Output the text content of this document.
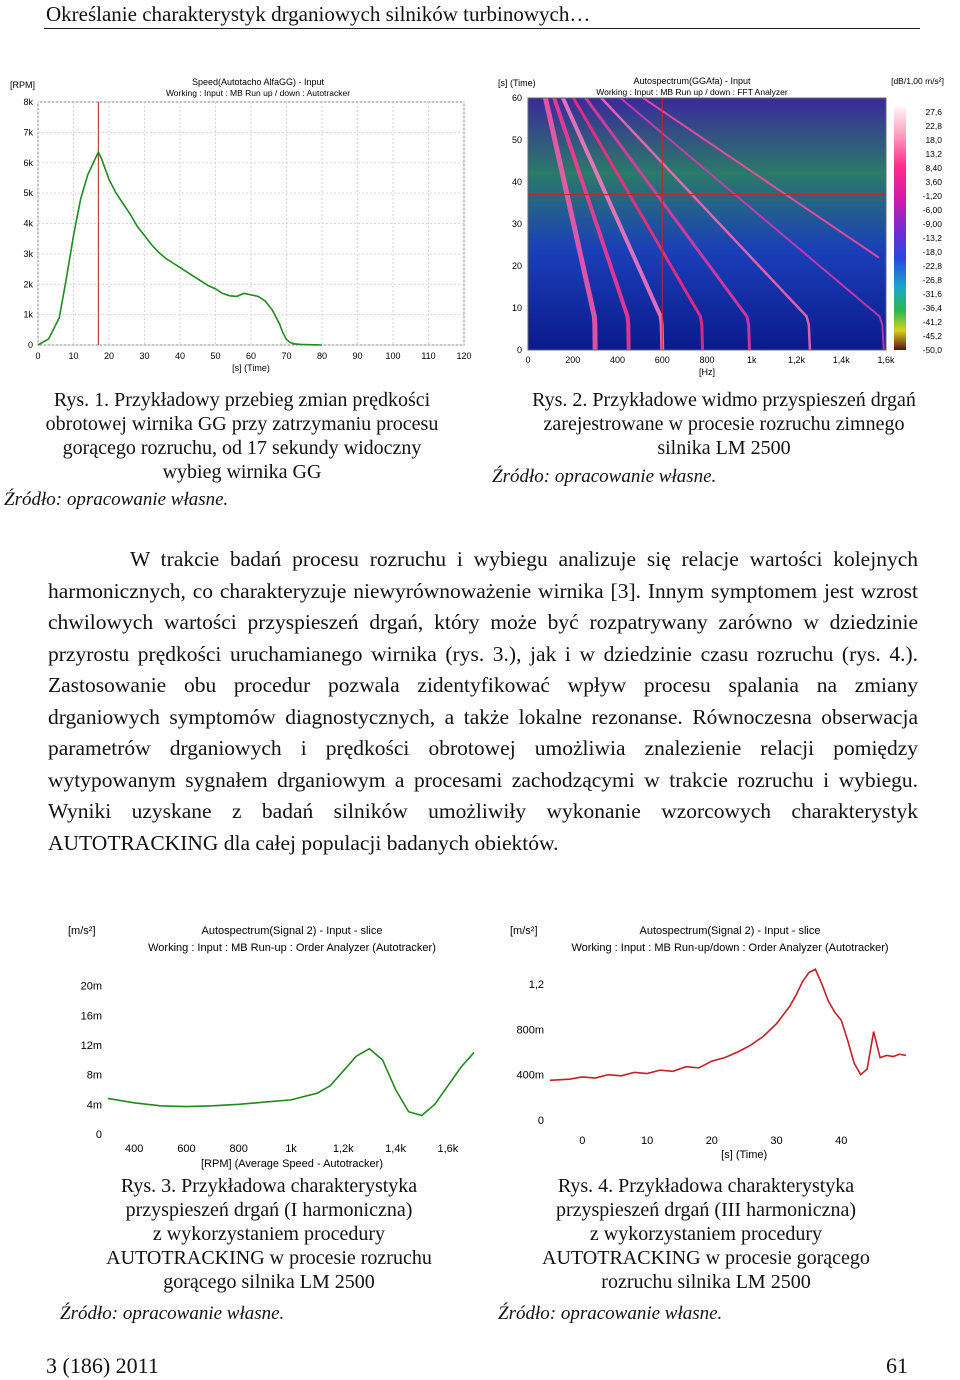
Określanie charakterystyk drganiowych silników turbinowych…
0	10	20	30	40	50	60	70	80	90	100 110 120
0
1k
2k
3k
4k
5k
6k
7k
8k
[RPM]	Speed(Autotacho AlfaGG) - Input
Working : Input : MB Run up / down : Autotracker
[s] (Time)
0	200	400	600	800	1k	1,2k	1,4k	1,6k
0
10
20
30
40
50
60
[s] (Time)
[Hz]
Autospectrum(GGAfa) - Input
Working : Input : MB Run up / down : FFT Analyzer
[dB/1,00 m/s²]
27,6
22,8
18,0
13,2
8,40
3,60
-1,20
-6,00
-9,00
-13,2
-18,0
-22,8
-26,8
-31,6
-36,4
-41,2
-45,2
-50,0
Rys. 1. Przykładowy przebieg zmian prędkości
obrotowej wirnika GG przy zatrzymaniu procesu
gorącego rozruchu, od 17 sekundy widoczny
wybieg wirnika GG
Źródło: opracowanie własne.
Rys. 2. Przykładowe widmo przyspieszeń drgań
zarejestrowane w procesie rozruchu zimnego
silnika LM 2500
Źródło: opracowanie własne.

W trakcie badań procesu rozruchu i wybiegu analizuje się relacje wartości kolejnych harmonicznych, co charakteryzuje niewyrównoważenie wirnika [3]. Innym symptomem jest wzrost chwilowych wartości przyspieszeń drgań, który może być rozpatrywany zarówno w dziedzinie przyrostu prędkości uruchamianego wirnika (rys. 3.), jak i w dziedzinie czasu rozruchu (rys. 4.). Zastosowanie obu procedur pozwala zidentyfikować wpływ procesu spalania na zmiany drganiowych symptomów diagnostycznych, a także lokalne rezonanse. Równoczesna obserwacja parametrów drganiowych i prędkości obrotowej umożliwia znalezienie relacji pomiędzy wytypowanym sygnałem drganiowym a procesami zachodzącymi w trakcie rozruchu i wybiegu. Wyniki uzyskane z badań silników umożliwiły wykonanie wzorcowych charakterystyk AUTOTRACKING dla całej populacji badanych obiektów.

[m/s²]	Autospectrum(Signal 2) - Input - slice
Working : Input : MB Run-up : Order Analyzer (Autotracker)
0
4m
8m
12m
16m
20m
400	600	800	1k	1,2k	1,4k	1,6k
[RPM] (Average Speed - Autotracker)
[m/s²]	Autospectrum(Signal 2) - Input - slice
Working : Input : MB Run-up/down : Order Analyzer (Autotracker)
0
400m
800m
1,2
0	10	20	30	40
[s] (Time)
Rys. 3. Przykładowa charakterystyka
przyspieszeń drgań (I harmoniczna)
z wykorzystaniem procedury
AUTOTRACKING w procesie rozruchu
gorącego silnika LM 2500
Źródło: opracowanie własne.
Rys. 4. Przykładowa charakterystyka
przyspieszeń drgań (III harmoniczna)
z wykorzystaniem procedury
AUTOTRACKING w procesie gorącego
rozruchu silnika LM 2500
Źródło: opracowanie własne.
3 (186) 2011	61
